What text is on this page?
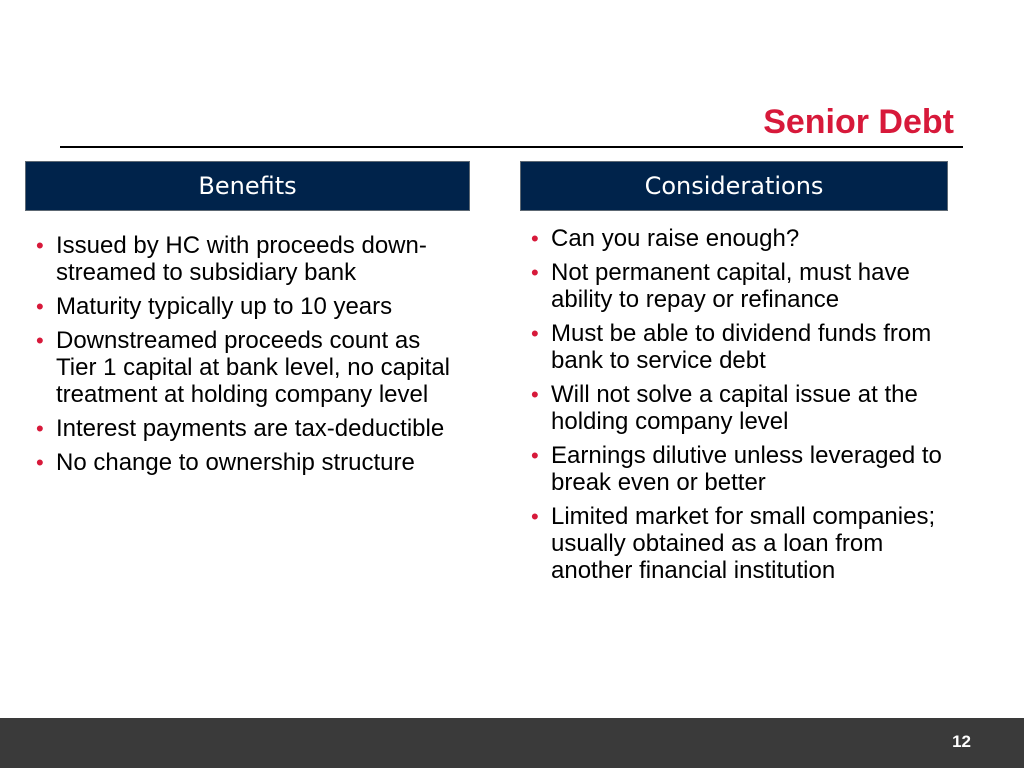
Senior Debt
Benefits	Considerations
• Issued by HC with proceeds down-streamed to subsidiary bank
• Maturity typically up to 10 years
• Downstreamed proceeds count as Tier 1 capital at bank level, no capital treatment at holding company level
• Interest payments are tax-deductible
• No change to ownership structure
• Can you raise enough?
• Not permanent capital, must have ability to repay or refinance
• Must be able to dividend funds from bank to service debt
• Will not solve a capital issue at the holding company level
• Earnings dilutive unless leveraged to break even or better
• Limited market for small companies; usually obtained as a loan from another financial institution
12
